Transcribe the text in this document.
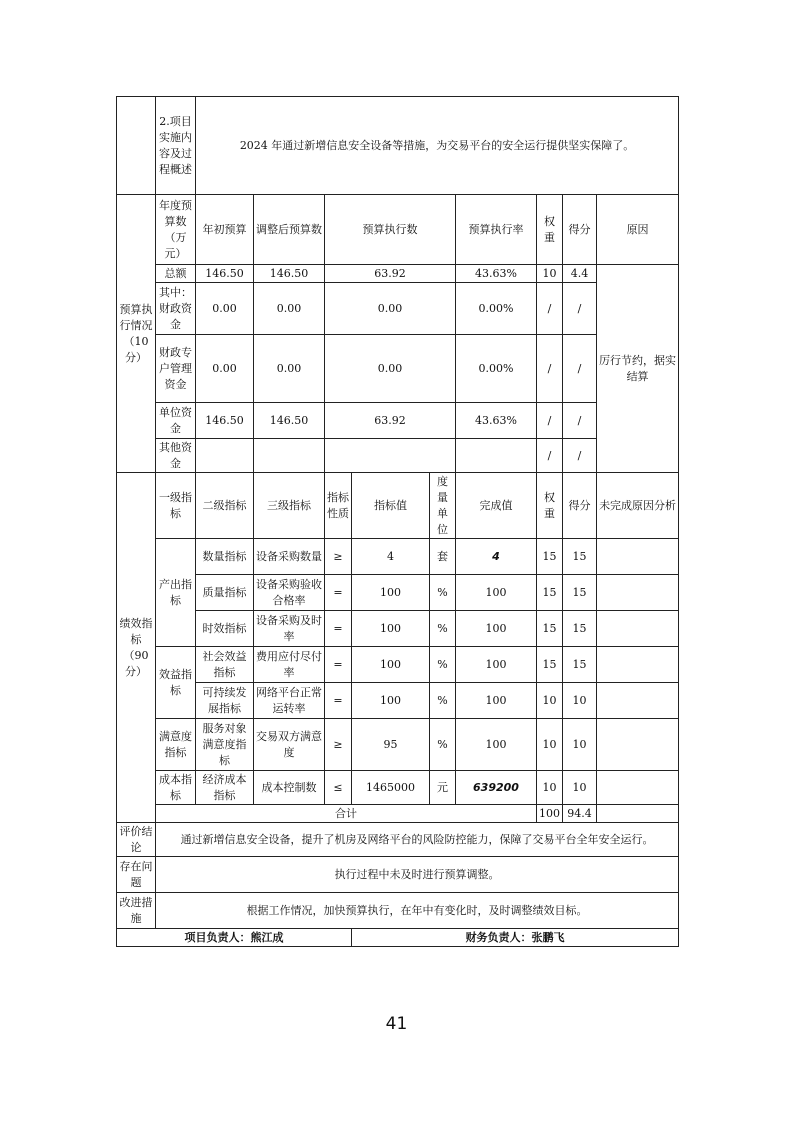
	2.项目实施内容及过程概述	2024 年通过新增信息安全设备等措施，为交易平台的安全运行提供坚实保障了。								
预算执行情况（10分）	年度预算数（万元）	年初预算	调整后预算数	预算执行数			预算执行率	权重	得分	原因
	总额	146.50	146.50	63.92			43.63%	10	4.4	厉行节约，据实结算
	其中：财政资金	0.00	0.00	0.00			0.00%	/	/	
	财政专户管理资金	0.00	0.00	0.00			0.00%	/	/	
	单位资金	146.50	146.50	63.92			43.63%	/	/	
	其他资金							/	/	
绩效指标（90分）	一级指标	二级指标	三级指标	指标性质	指标值	度量单位	完成值	权重	得分	未完成原因分析
	产出指标	数量指标	设备采购数量	≥	4	套	4	15	15	
		质量指标	设备采购验收合格率	=	100	%	100	15	15	
		时效指标	设备采购及时率	=	100	%	100	15	15	
	效益指标	社会效益指标	费用应付尽付率	=	100	%	100	15	15	
		可持续发展指标	网络平台正常运转率	=	100	%	100	10	10	
	满意度指标	服务对象满意度指标	交易双方满意度	≥	95	%	100	10	10	
	成本指标	经济成本指标	成本控制数	≤	1465000	元	639200	10	10	
	合计							100	94.4	
评价结论	通过新增信息安全设备，提升了机房及网络平台的风险防控能力，保障了交易平台全年安全运行。									
存在问题	执行过程中未及时进行预算调整。									
改进措施	根据工作情况，加快预算执行，在年中有变化时，及时调整绩效目标。									
项目负责人：熊江成					财务负责人：张鹏飞					
41
